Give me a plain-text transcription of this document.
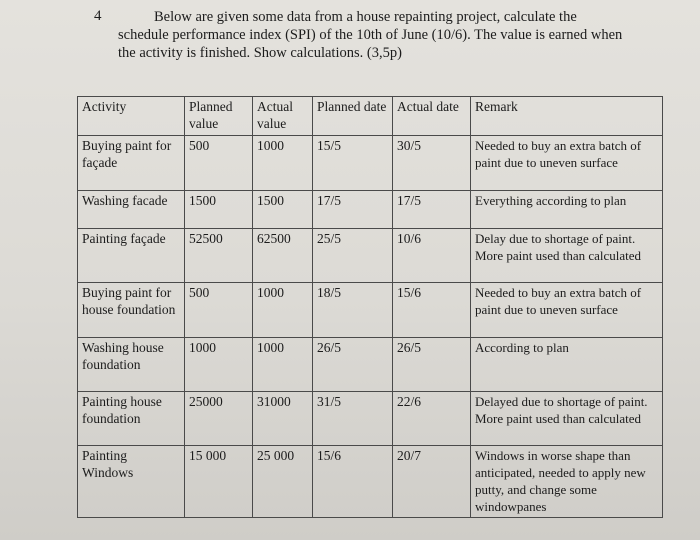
4	Below are given some data from a house repainting project, calculate the
schedule performance index (SPI) of the 10th of June (10/6). The value is earned when
the activity is finished. Show calculations. (3,5p)
Activity	Planned value	Actual value	Planned date	Actual date	Remark
Buying paint for façade	500	1000	15/5	30/5	Needed to buy an extra batch of paint due to uneven surface
Washing facade	1500	1500	17/5	17/5	Everything according to plan
Painting façade	52500	62500	25/5	10/6	Delay due to shortage of paint. More paint used than calculated
Buying paint for house foundation	500	1000	18/5	15/6	Needed to buy an extra batch of paint due to uneven surface
Washing house foundation	1000	1000	26/5	26/5	According to plan
Painting house foundation	25000	31000	31/5	22/6	Delayed due to shortage of paint. More paint used than calculated
Painting Windows	15 000	25 000	15/6	20/7	Windows in worse shape than anticipated, needed to apply new putty, and change some windowpanes
